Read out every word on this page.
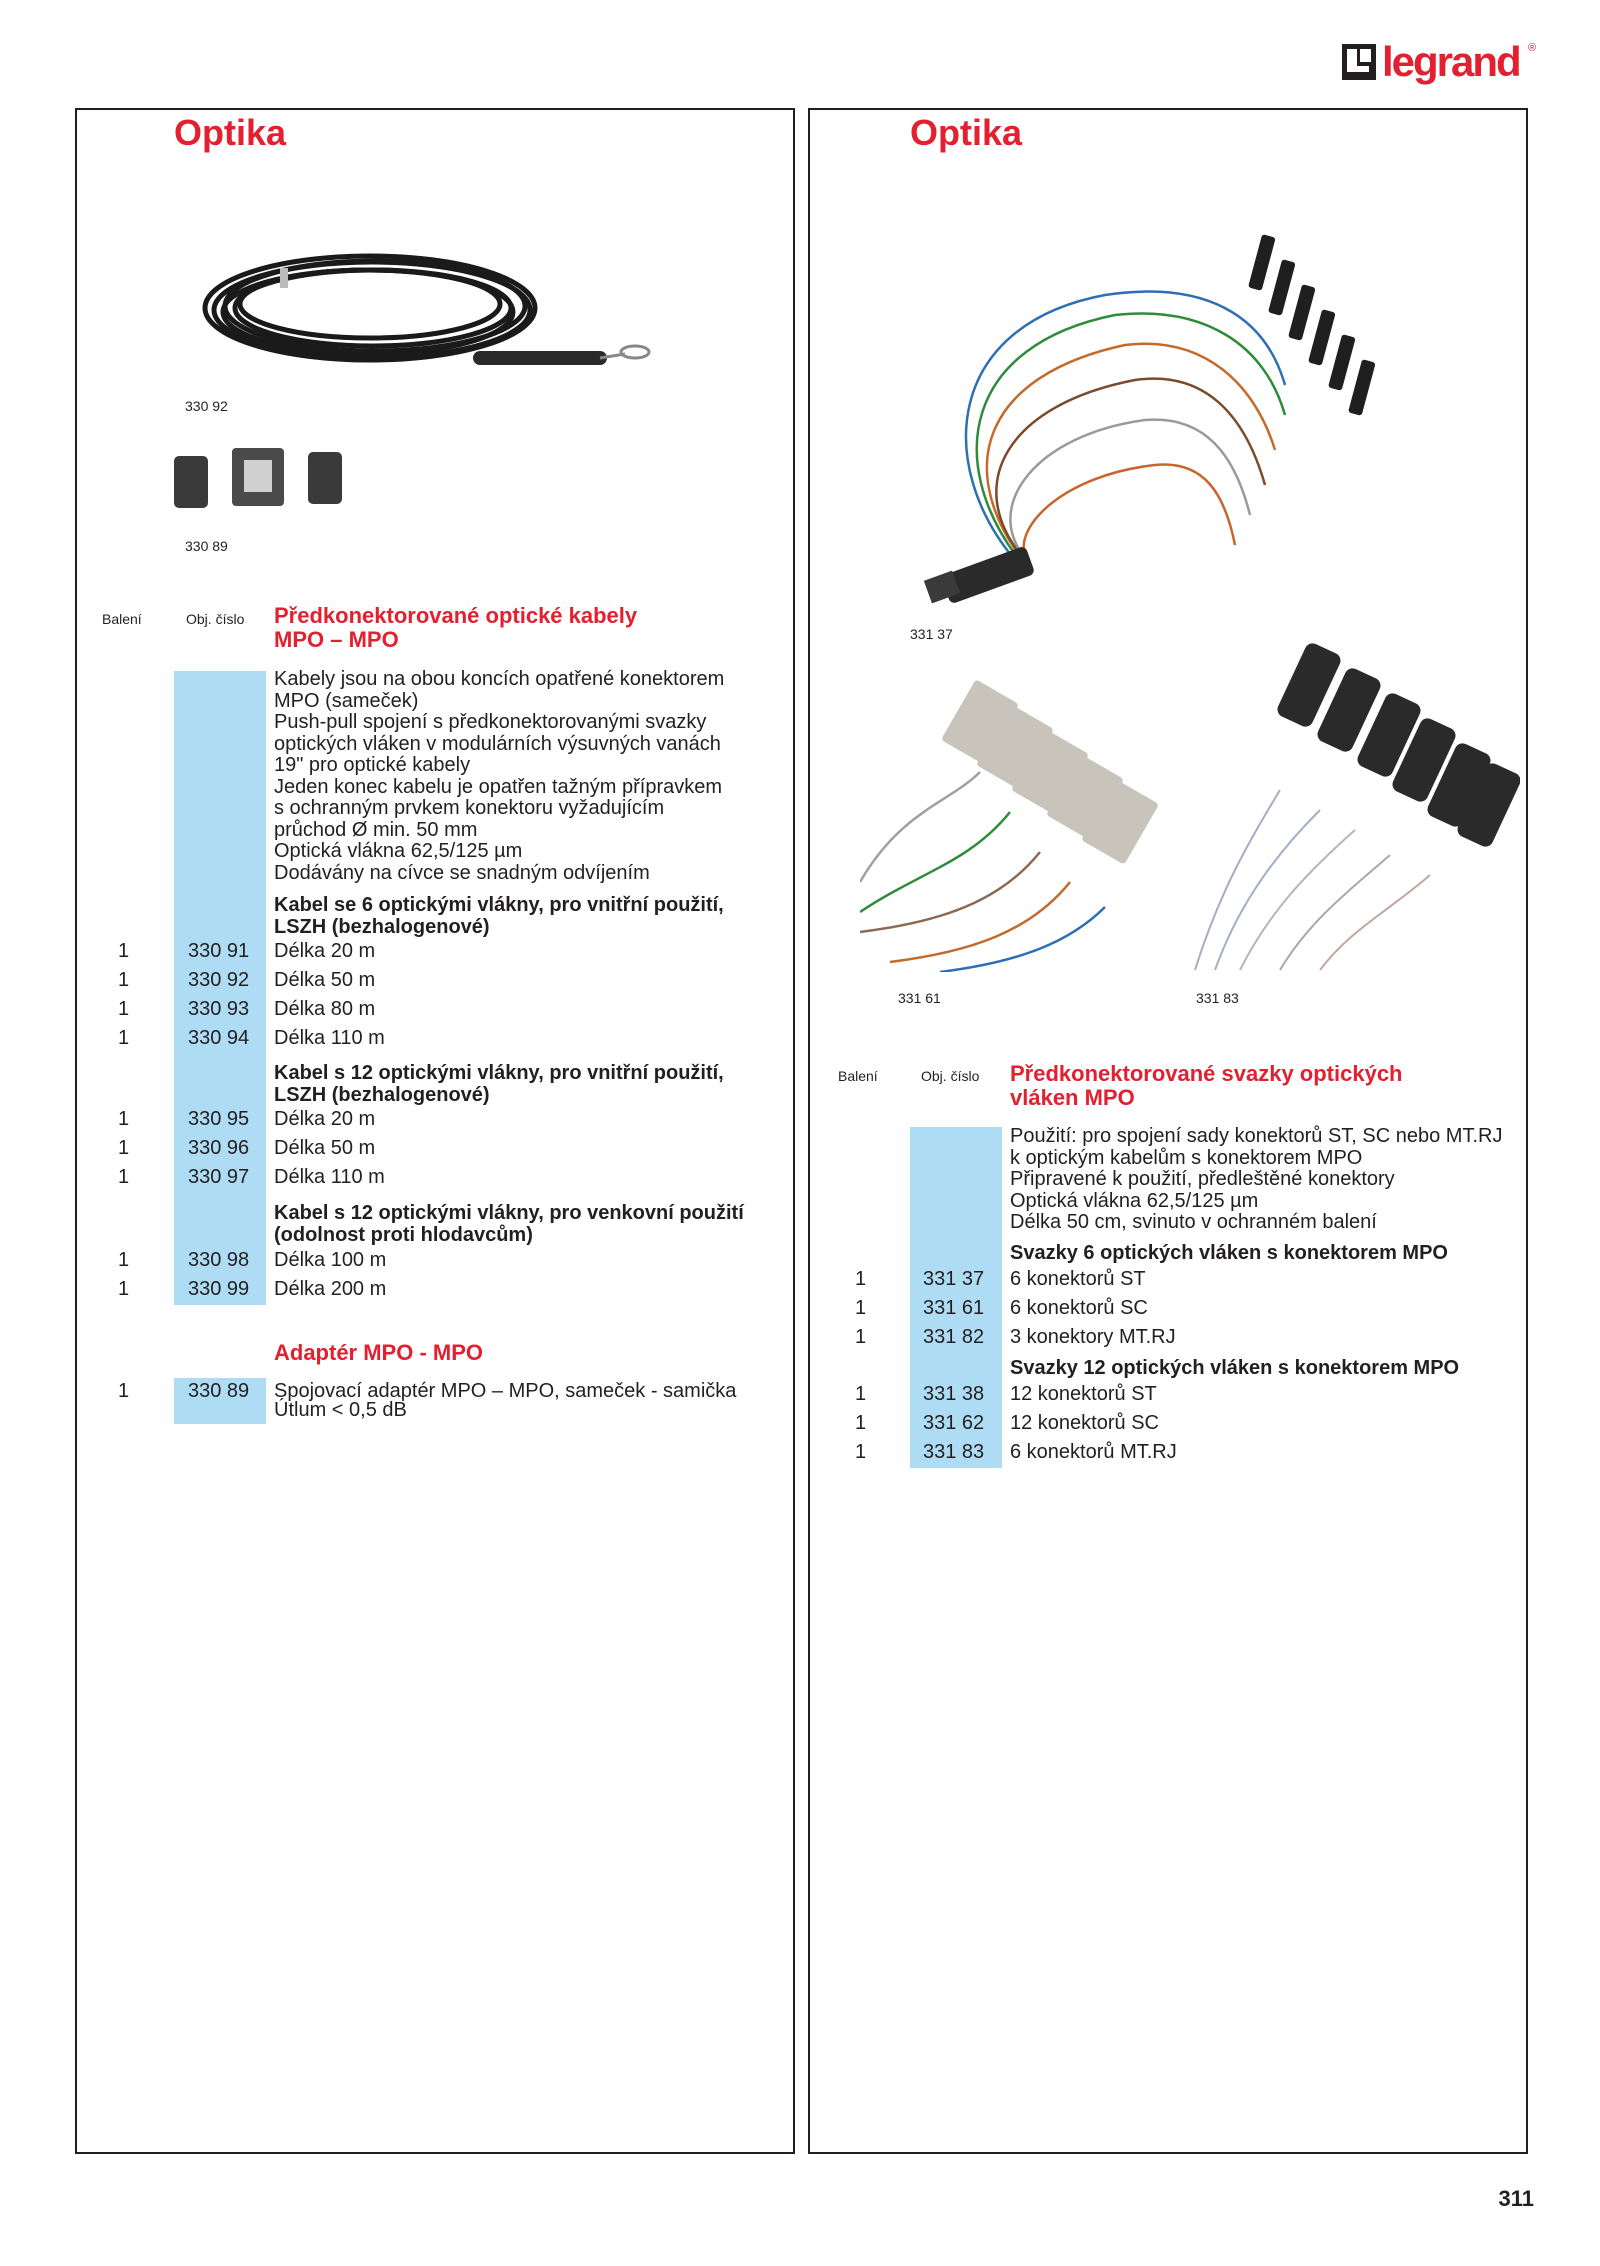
legrand ®
Optika
330 92
330 89
Balení	Obj. číslo Předkonektorované optické kabely
MPO – MPO
Kabely jsou na obou koncích opatřené konektorem
MPO (sameček)
Push-pull spojení s předkonektorovanými svazky
optických vláken v modulárních výsuvných vanách
19" pro optické kabely
Jeden konec kabelu je opatřen tažným přípravkem
s ochranným prvkem konektoru vyžadujícím
průchod Ø min. 50 mm
Optická vlákna 62,5/125 µm
Dodávány na cívce se snadným odvíjením
Kabel se 6 optickými vlákny, pro vnitřní použití,
LSZH (bezhalogenové)
1	330 91 Délka 20 m
1	330 92 Délka 50 m
1	330 93 Délka 80 m
1	330 94 Délka 110 m
Kabel s 12 optickými vlákny, pro vnitřní použití,
LSZH (bezhalogenové)
1	330 95 Délka 20 m
1	330 96 Délka 50 m
1	330 97 Délka 110 m
Kabel s 12 optickými vlákny, pro venkovní použití
(odolnost proti hlodavcům)
1	330 98 Délka 100 m
1	330 99 Délka 200 m
Adaptér MPO - MPO
1	330 89 Spojovací adaptér MPO – MPO, sameček - samička
Útlum < 0,5 dB
Optika
331 37
331 61	331 83
Balení	Obj. číslo Předkonektorované svazky optických
vláken MPO
Použití: pro spojení sady konektorů ST, SC nebo MT.RJ
k optickým kabelům s konektorem MPO
Připravené k použití, předleštěné konektory
Optická vlákna 62,5/125 µm
Délka 50 cm, svinuto v ochranném balení
Svazky 6 optických vláken s konektorem MPO
1	331 37 6 konektorů ST
1	331 61 6 konektorů SC
1	331 82 3 konektory MT.RJ
Svazky 12 optických vláken s konektorem MPO
1	331 38 12 konektorů ST
1	331 62 12 konektorů SC
1	331 83 6 konektorů MT.RJ
311
